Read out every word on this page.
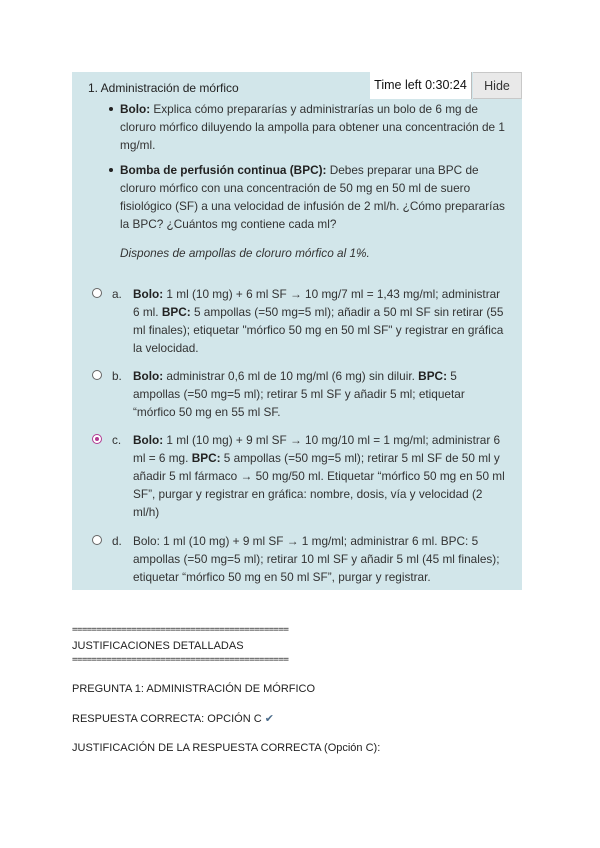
Time left 0:30:24	Hide
1. Administración de mórfico
Bolo: Explica cómo prepararías y administrarías un bolo de 6 mg de cloruro mórfico diluyendo la ampolla para obtener una concentración de 1 mg/ml.
Bomba de perfusión continua (BPC): Debes preparar una BPC de cloruro mórfico con una concentración de 50 mg en 50 ml de suero fisiológico (SF) a una velocidad de infusión de 2 ml/h. ¿Cómo prepararías la BPC? ¿Cuántos mg contiene cada ml?
Dispones de ampollas de cloruro mórfico al 1%.
a. Bolo: 1 ml (10 mg) + 6 ml SF → 10 mg/7 ml = 1,43 mg/ml; administrar 6 ml. BPC: 5 ampollas (=50 mg=5 ml); añadir a 50 ml SF sin retirar (55 ml finales); etiquetar "mórfico 50 mg en 50 ml SF" y registrar en gráfica la velocidad.
b. Bolo: administrar 0,6 ml de 10 mg/ml (6 mg) sin diluir. BPC: 5 ampollas (=50 mg=5 ml); retirar 5 ml SF y añadir 5 ml; etiquetar “mórfico 50 mg en 55 ml SF.
c. Bolo: 1 ml (10 mg) + 9 ml SF → 10 mg/10 ml = 1 mg/ml; administrar 6 ml = 6 mg. BPC: 5 ampollas (=50 mg=5 ml); retirar 5 ml SF de 50 ml y añadir 5 ml fármaco → 50 mg/50 ml. Etiquetar “mórfico 50 mg en 50 ml SF”, purgar y registrar en gráfica: nombre, dosis, vía y velocidad (2 ml/h)
d. Bolo: 1 ml (10 mg) + 9 ml SF → 1 mg/ml; administrar 6 ml. BPC: 5 ampollas (=50 mg=5 ml); retirar 10 ml SF y añadir 5 ml (45 ml finales); etiquetar “mórfico 50 mg en 50 ml SF”, purgar y registrar.
============================================
JUSTIFICACIONES DETALLADAS
============================================
PREGUNTA 1: ADMINISTRACIÓN DE MÓRFICO
RESPUESTA CORRECTA: OPCIÓN C ✔
JUSTIFICACIÓN DE LA RESPUESTA CORRECTA (Opción C):
